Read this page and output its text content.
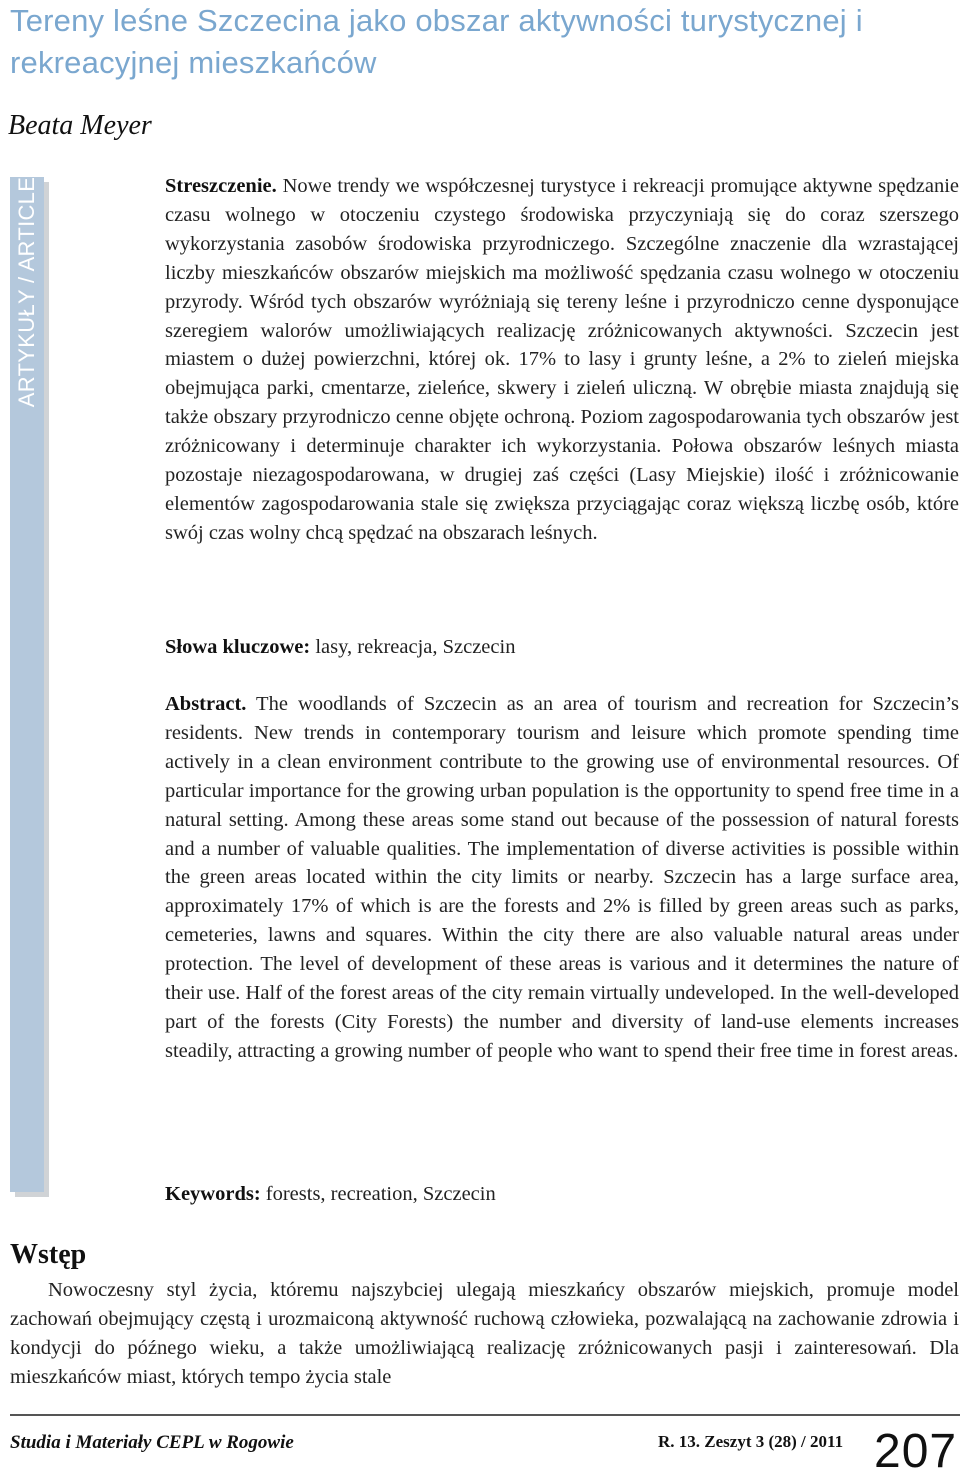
Tereny leśne Szczecina jako obszar aktywności turystycznej i rekreacyjnej mieszkańców
Beata Meyer
ARTYKUŁY / ARTICLE	Streszczenie. Nowe trendy we współczesnej turystyce i rekreacji promujące aktywne spędzanie czasu wolnego w otoczeniu czystego środowiska przyczyniają się do coraz szerszego wykorzystania zasobów środowiska przyrodniczego. Szczególne znaczenie dla wzrastającej liczby mieszkańców obszarów miejskich ma możliwość spędzania czasu wolnego w otoczeniu przyrody. Wśród tych obszarów wyróżniają się tereny leśne i przyrodniczo cenne dysponujące szeregiem walorów umożliwiających realizację zróżnicowanych aktywności. Szczecin jest miastem o dużej powierzchni, której ok. 17% to lasy i grunty leśne, a 2% to zieleń miejska obejmująca parki, cmentarze, zieleńce, skwery i zieleń uliczną. W obrębie miasta znajdują się także obszary przyrodniczo cenne objęte ochroną. Poziom zagospodarowania tych obszarów jest zróżnicowany i determinuje charakter ich wykorzystania. Połowa obszarów leśnych miasta pozostaje niezagospodarowana, w drugiej zaś części (Lasy Miejskie) ilość i zróżnicowanie elementów zagospodarowania stale się zwiększa przyciągając coraz większą liczbę osób, które swój czas wolny chcą spędzać na obszarach leśnych.

Słowa kluczowe: lasy, rekreacja, Szczecin

Abstract. The woodlands of Szczecin as an area of tourism and recreation for Szczecin’s residents. New trends in contemporary tourism and leisure which promote spending time actively in a clean environment contribute to the growing use of environmental resources. Of particular importance for the growing urban population is the opportunity to spend free time in a natural setting. Among these areas some stand out because of the possession of natural forests and a number of valuable qualities. The implementation of diverse activities is possible within the green areas located within the city limits or nearby. Szczecin has a large surface area, approximately 17% of which is are the forests and 2% is filled by green areas such as parks, cemeteries, lawns and squares. Within the city there are also valuable natural areas under protection. The level of development of these areas is various and it determines the nature of their use. Half of the forest areas of the city remain virtually undeveloped. In the well-developed part of the forests (City Forests) the number and diversity of land-use elements increases steadily, attracting a growing number of people who want to spend their free time in forest areas.

Keywords: forests, recreation, Szczecin

Wstęp

Nowoczesny styl życia, któremu najszybciej ulegają mieszkańcy obszarów miejskich, promuje model zachowań obejmujący częstą i urozmaiconą aktywność ruchową człowieka, pozwalającą na zachowanie zdrowia i kondycji do późnego wieku, a także umożliwiającą realizację zróżnicowanych pasji i zainteresowań. Dla mieszkańców miast, których tempo życia stale

Studia i Materiały CEPL w Rogowie	R. 13. Zeszyt 3 (28) / 2011 207
